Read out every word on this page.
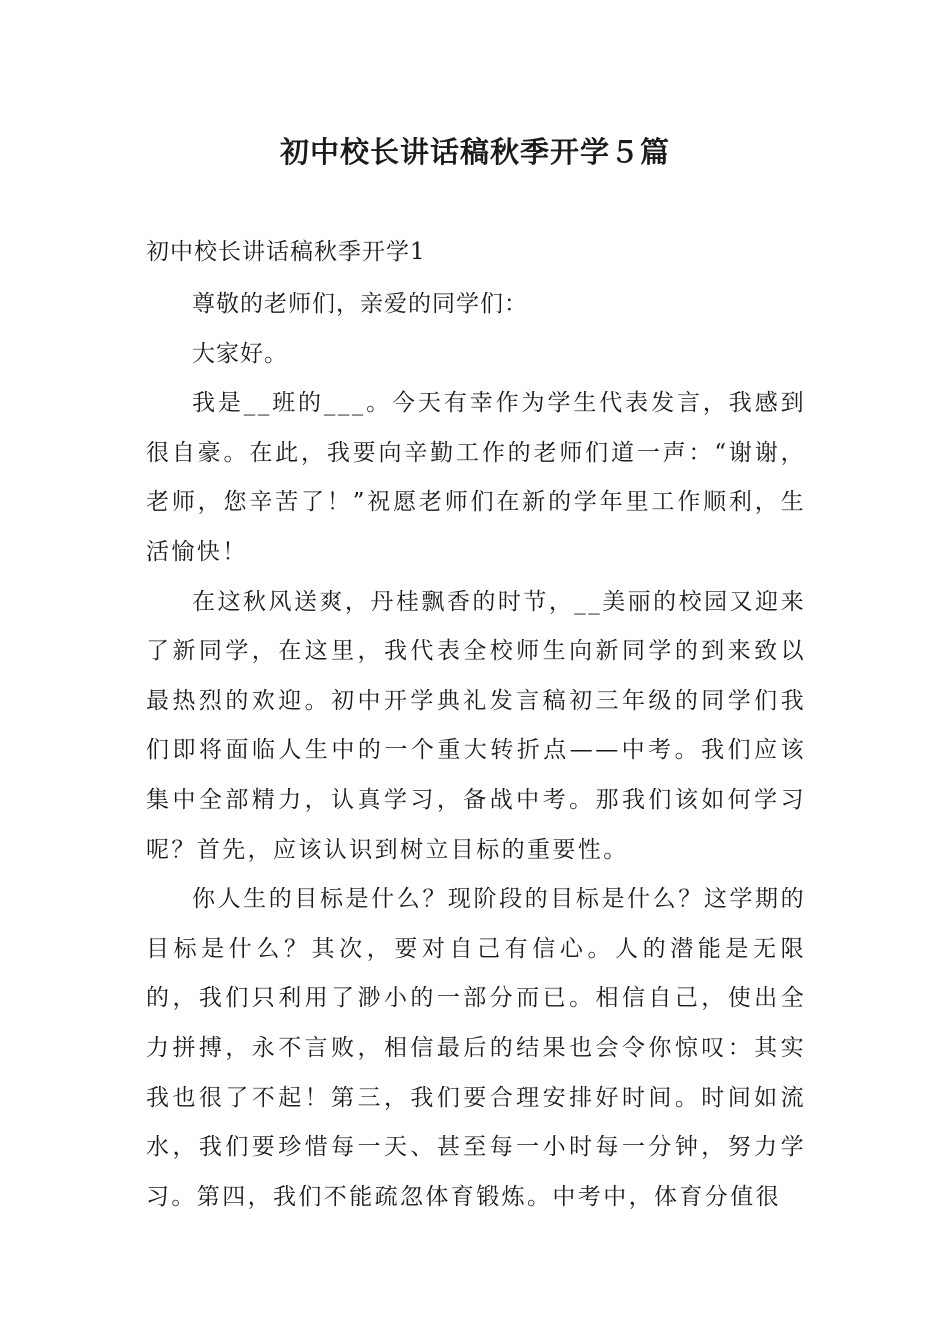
初中校长讲话稿秋季开学５篇

初中校长讲话稿秋季开学1

尊敬的老师们，亲爱的同学们：

大家好。

我是__班的___。今天有幸作为学生代表发言，我感到很自豪。在此，我要向辛勤工作的老师们道一声：“谢谢，老师，您辛苦了！”祝愿老师们在新的学年里工作顺利，生活愉快！

在这秋风送爽，丹桂飘香的时节，__美丽的校园又迎来了新同学，在这里，我代表全校师生向新同学的到来致以最热烈的欢迎。初中开学典礼发言稿初三年级的同学们我们即将面临人生中的一个重大转折点——中考。我们应该集中全部精力，认真学习，备战中考。那我们该如何学习呢？首先，应该认识到树立目标的重要性。

你人生的目标是什么？现阶段的目标是什么？这学期的目标是什么？其次，要对自己有信心。人的潜能是无限的，我们只利用了渺小的一部分而已。相信自己，使出全力拼搏，永不言败，相信最后的结果也会令你惊叹：其实我也很了不起！第三，我们要合理安排好时间。时间如流水，我们要珍惜每一天、甚至每一小时每一分钟，努力学习。第四，我们不能疏忽体育锻炼。中考中，体育分值很
